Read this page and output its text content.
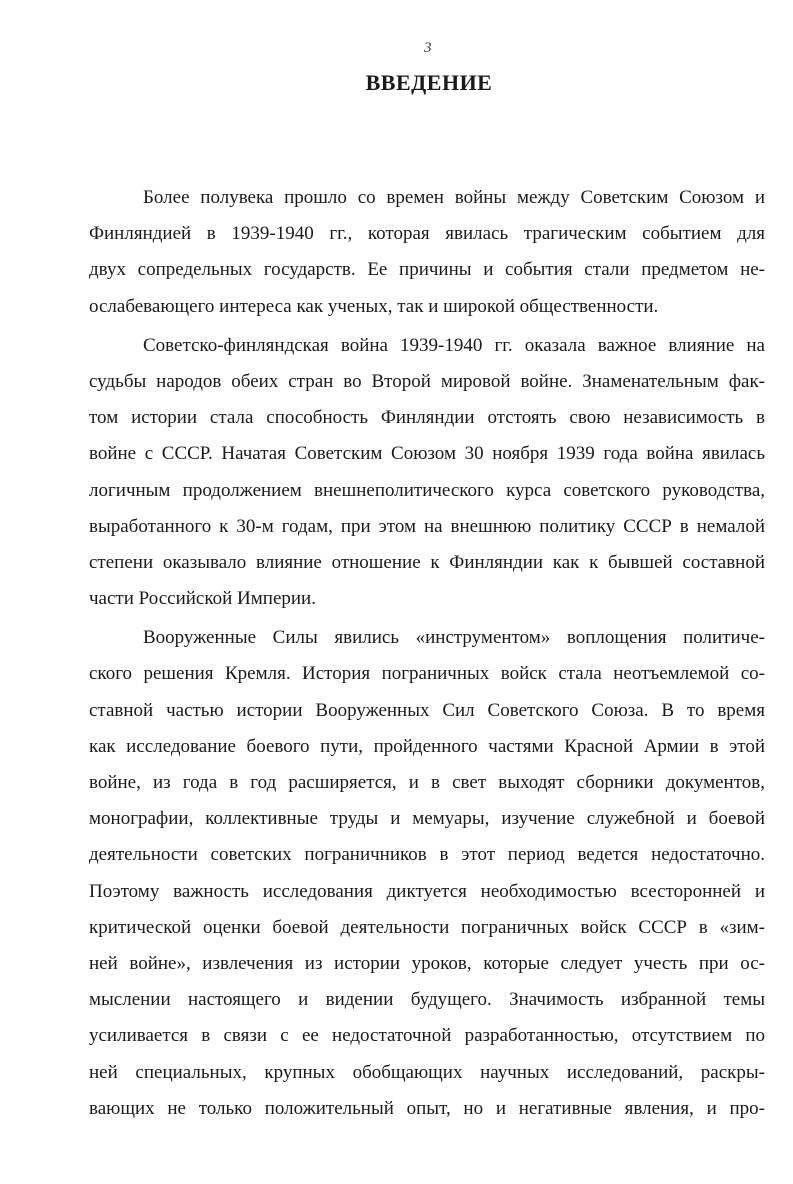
3
ВВЕДЕНИЕ
Более полувека прошло со времен войны между Советским Союзом и
Финляндией в 1939-1940 гг., которая явилась трагическим событием для
двух сопредельных государств. Ее причины и события стали предметом не-
ослабевающего интереса как ученых, так и широкой общественности.
Советско-финляндская война 1939-1940 гг. оказала важное влияние на
судьбы народов обеих стран во Второй мировой войне. Знаменательным фак-
том истории стала способность Финляндии отстоять свою независимость в
войне с СССР. Начатая Советским Союзом 30 ноября 1939 года война явилась
логичным продолжением внешнеполитического курса советского руководства,
выработанного к 30-м годам, при этом на внешнюю политику СССР в немалой
степени оказывало влияние отношение к Финляндии как к бывшей составной
части Российской Империи.
Вооруженные Силы явились «инструментом» воплощения политиче-
ского решения Кремля. История пограничных войск стала неотъемлемой со-
ставной частью истории Вооруженных Сил Советского Союза. В то время
как исследование боевого пути, пройденного частями Красной Армии в этой
войне, из года в год расширяется, и в свет выходят сборники документов,
монографии, коллективные труды и мемуары, изучение служебной и боевой
деятельности советских пограничников в этот период ведется недостаточно.
Поэтому важность исследования диктуется необходимостью всесторонней и
критической оценки боевой деятельности пограничных войск СССР в «зим-
ней войне», извлечения из истории уроков, которые следует учесть при ос-
мыслении настоящего и видении будущего. Значимость избранной темы
усиливается в связи с ее недостаточной разработанностью, отсутствием по
ней специальных, крупных обобщающих научных исследований, раскры-
вающих не только положительный опыт, но и негативные явления, и про-
